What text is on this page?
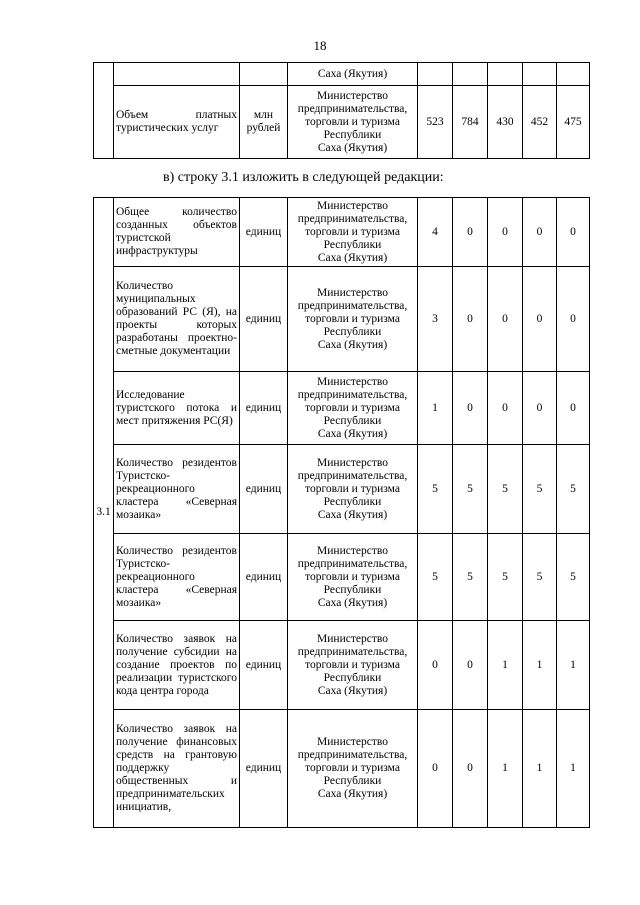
18
			Саха (Якутия)					
	Объем платных туристических услуг	млн рублей	Министерство
предпринимательства,
торговли и туризма
Республики
Саха (Якутия)	523	784	430	452	475
в) строку 3.1 изложить в следующей редакции:
3.1	Общее количество созданных объектов туристской инфраструктуры	единиц	Министерство
предпринимательства,
торговли и туризма
Республики
Саха (Якутия)	4	0	0	0	0
	Количество муниципальных образований РС (Я), на проекты которых разработаны проектно-сметные документации	единиц	Министерство
предпринимательства,
торговли и туризма
Республики
Саха (Якутия)	3	0	0	0	0
	Исследование туристского потока и мест притяжения РС(Я)	единиц	Министерство
предпринимательства,
торговли и туризма
Республики
Саха (Якутия)	1	0	0	0	0
	Количество резидентов Туристско-рекреационного кластера «Северная мозаика»	единиц	Министерство
предпринимательства,
торговли и туризма
Республики
Саха (Якутия)	5	5	5	5	5
	Количество резидентов Туристско-рекреационного кластера «Северная мозаика»	единиц	Министерство
предпринимательства,
торговли и туризма
Республики
Саха (Якутия)	5	5	5	5	5
	Количество заявок на получение субсидии на создание проектов по реализации туристского кода центра города	единиц	Министерство
предпринимательства,
торговли и туризма
Республики
Саха (Якутия)	0	0	1	1	1
	Количество заявок на получение финансовых средств на грантовую поддержку общественных и предпринимательских инициатив,	единиц	Министерство
предпринимательства,
торговли и туризма
Республики
Саха (Якутия)	0	0	1	1	1
